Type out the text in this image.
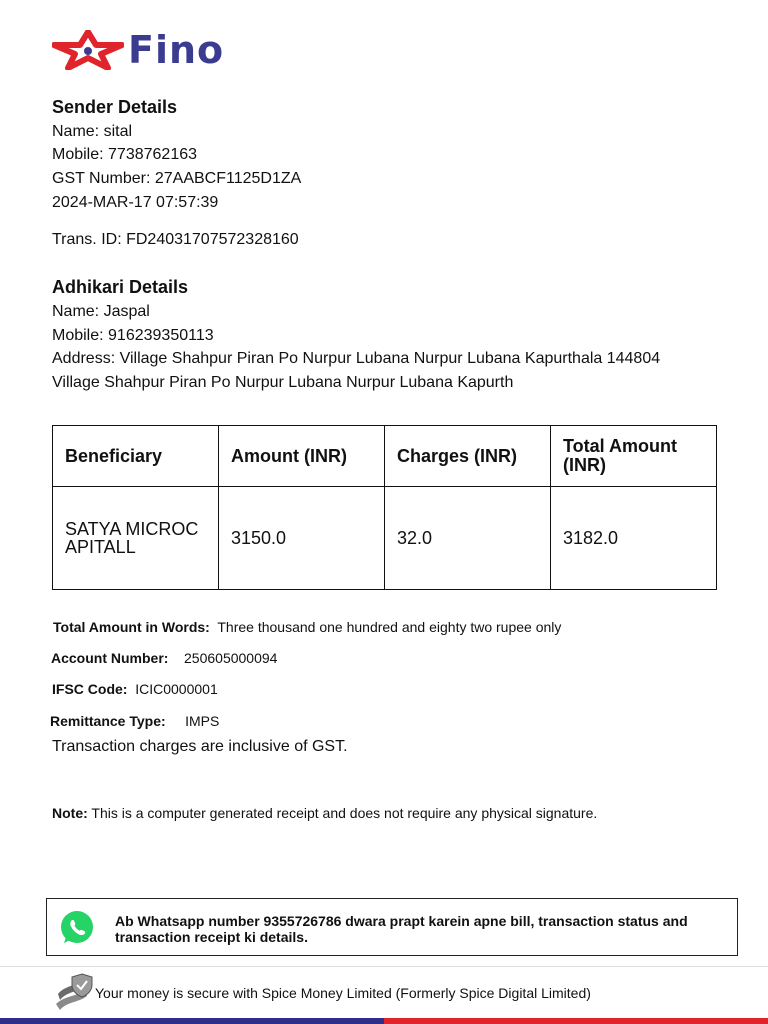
Fino
Sender Details
Name: sital
Mobile: 7738762163
GST Number: 27AABCF1125D1ZA
2024-MAR-17 07:57:39
Trans. ID: FD24031707572328160
Adhikari Details
Name: Jaspal
Mobile: 916239350113
Address: Village Shahpur Piran Po Nurpur Lubana Nurpur Lubana Kapurthala 144804
Village Shahpur Piran Po Nurpur Lubana Nurpur Lubana Kapurth
Beneficiary	Amount (INR)	Charges (INR)	Total Amount (INR)
SATYA MICROCAPITALL	3150.0	32.0	3182.0
Total Amount in Words: Three thousand one hundred and eighty two rupee only
Account Number: 250605000094
IFSC Code: ICIC0000001
Remittance Type: IMPS
Transaction charges are inclusive of GST.
Note: This is a computer generated receipt and does not require any physical signature.
Ab Whatsapp number 9355726786 dwara prapt karein apne bill, transaction status and transaction receipt ki details.
Your money is secure with Spice Money Limited (Formerly Spice Digital Limited)
